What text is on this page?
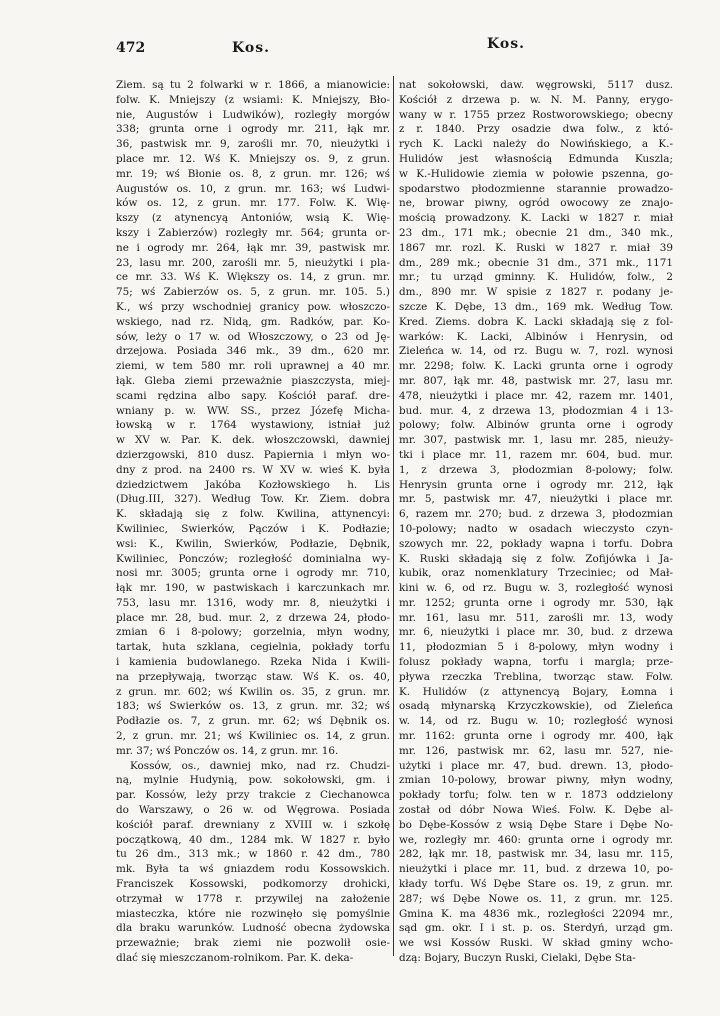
472	Kos.	Kos.
Ziem. są tu 2 folwarki w r. 1866, a mianowicie:
folw. K. Mniejszy (z wsiami: K. Mniejszy, Bło-
nie, Augustów i Ludwików), rozległy morgów
338; grunta orne i ogrody mr. 211, łąk mr.
36, pastwisk mr. 9, zarośli mr. 70, nieużytki i
place mr. 12. Wś K. Mniejszy os. 9, z grun.
mr. 19; wś Błonie os. 8, z grun. mr. 126; wś
Augustów os. 10, z grun. mr. 163; wś Ludwi-
ków os. 12, z grun. mr. 177. Folw. K. Wię-
kszy (z atynencyą Antoniów, wsią K. Wię-
kszy i Zabierzów) rozległy mr. 564; grunta or-
ne i ogrody mr. 264, łąk mr. 39, pastwisk mr.
23, lasu mr. 200, zarośli mr. 5, nieużytki i pla-
ce mr. 33. Wś K. Większy os. 14, z grun. mr.
75; wś Zabierzów os. 5, z grun. mr. 105. 5.)
K., wś przy wschodniej granicy pow. włoszczo-
wskiego, nad rz. Nidą, gm. Radków, par. Ko-
sów, leży o 17 w. od Włoszczowy, o 23 od Ję-
drzejowa. Posiada 346 mk., 39 dm., 620 mr.
ziemi, w tem 580 mr. roli uprawnej a 40 mr.
łąk. Gleba ziemi przeważnie piaszczysta, miej-
scami rędzina albo sapy. Kościół paraf. dre-
wniany p. w. WW. SS., przez Józefę Micha-
łowską w r. 1764 wystawiony, istniał już
w XV w. Par. K. dek. włoszczowski, dawniej
dzierzgowski, 810 dusz. Papiernia i młyn wo-
dny z prod. na 2400 rs. W XV w. wieś K. była
dziedzictwem Jakóba Kozłowskiego h. Lis
(Dług.III, 327). Według Tow. Kr. Ziem. dobra
K. składają się z folw. Kwilina, attynencyi:
Kwiliniec, Swierków, Pączów i K. Podłazie;
wsi: K., Kwilin, Swierków, Podłazie, Dębnik,
Kwiliniec, Ponczów; rozległość dominialna wy-
nosi mr. 3005; grunta orne i ogrody mr. 710,
łąk mr. 190, w pastwiskach i karczunkach mr.
753, lasu mr. 1316, wody mr. 8, nieużytki i
place mr. 28, bud. mur. 2, z drzewa 24, płodo-
zmian 6 i 8-polowy; gorzelnia, młyn wodny,
tartak, huta szklana, cegielnia, pokłady torfu
i kamienia budowlanego. Rzeka Nida i Kwili-
na przepływają, tworząc staw. Wś K. os. 40,
z grun. mr. 602; wś Kwilin os. 35, z grun. mr.
183; wś Swierków os. 13, z grun. mr. 32; wś
Podłazie os. 7, z grun. mr. 62; wś Dębnik os.
2, z grun. mr. 21; wś Kwiliniec os. 14, z grun.
mr. 37; wś Ponczów os. 14, z grun. mr. 16.
Kossów, os., dawniej mko, nad rz. Chudzi-
ną, mylnie Hudynią, pow. sokołowski, gm. i
par. Kossów, leży przy trakcie z Ciechanowca
do Warszawy, o 26 w. od Węgrowa. Posiada
kościół paraf. drewniany z XVIII w. i szkołę
początkową, 40 dm., 1284 mk. W 1827 r. było
tu 26 dm., 313 mk.; w 1860 r. 42 dm., 780
mk. Była ta wś gniazdem rodu Kossowskich.
Franciszek Kossowski, podkomorzy drohicki,
otrzymał w 1778 r. przywilej na założenie
miasteczka, które nie rozwinęło się pomyślnie
dla braku warunków. Ludność obecna żydowska
przeważnie; brak ziemi nie pozwolił osie-
dlać się mieszczanom-rolnikom. Par. K. deka-
nat sokołowski, daw. węgrowski, 5117 dusz.
Kościół z drzewa p. w. N. M. Panny, erygo-
wany w r. 1755 przez Rostworowskiego; obecny
z r. 1840. Przy osadzie dwa folw., z któ-
rych K. Lacki należy do Nowińskiego, a K.-
Hulidów jest własnością Edmunda Kuszla;
w K.-Hulidowie ziemia w połowie pszenna, go-
spodarstwo płodozmienne starannie prowadzo-
ne, browar piwny, ogród owocowy ze znajo-
mością prowadzony. K. Lacki w 1827 r. miał
23 dm., 171 mk.; obecnie 21 dm., 340 mk.,
1867 mr. rozl. K. Ruski w 1827 r. miał 39
dm., 289 mk.; obecnie 31 dm., 371 mk., 1171
mr.; tu urząd gminny. K. Hulidów, folw., 2
dm., 890 mr. W spisie z 1827 r. podany je-
szcze K. Dębe, 13 dm., 169 mk. Według Tow.
Kred. Ziems. dobra K. Lacki składają się z fol-
warków: K. Lacki, Albinów i Henrysin, od
Zieleńca w. 14, od rz. Bugu w. 7, rozl. wynosi
mr. 2298; folw. K. Lacki grunta orne i ogrody
mr. 807, łąk mr. 48, pastwisk mr. 27, lasu mr.
478, nieużytki i place mr. 42, razem mr. 1401,
bud. mur. 4, z drzewa 13, płodozmian 4 i 13-
polowy; folw. Albinów grunta orne i ogrody
mr. 307, pastwisk mr. 1, lasu mr. 285, nieuży-
tki i place mr. 11, razem mr. 604, bud. mur.
1, z drzewa 3, płodozmian 8-polowy; folw.
Henrysin grunta orne i ogrody mr. 212, łąk
mr. 5, pastwisk mr. 47, nieużytki i place mr.
6, razem mr. 270; bud. z drzewa 3, płodozmian
10-polowy; nadto w osadach wieczysto czyn-
szowych mr. 22, pokłady wapna i torfu. Dobra
K. Ruski składają się z folw. Zofijówka i Ja-
kubik, oraz nomenklatury Trzeciniec; od Mał-
kini w. 6, od rz. Bugu w. 3, rozległość wynosi
mr. 1252; grunta orne i ogrody mr. 530, łąk
mr. 161, lasu mr. 511, zarośli mr. 13, wody
mr. 6, nieużytki i place mr. 30, bud. z drzewa
11, płodozmian 5 i 8-polowy, młyn wodny i
folusz pokłady wapna, torfu i margla; prze-
pływa rzeczka Treblina, tworząc staw. Folw.
K. Hulidów (z attynencyą Bojary, Łomna i
osadą młynarską Krzyczkowskie), od Zieleńca
w. 14, od rz. Bugu w. 10; rozległość wynosi
mr. 1162: grunta orne i ogrody mr. 400, łąk
mr. 126, pastwisk mr. 62, lasu mr. 527, nie-
użytki i place mr. 47, bud. drewn. 13, płodo-
zmian 10-polowy, browar piwny, młyn wodny,
pokłady torfu; folw. ten w r. 1873 oddzielony
został od dóbr Nowa Wieś. Folw. K. Dębe al-
bo Dębe-Kossów z wsią Dębe Stare i Dębe No-
we, rozległy mr. 460: grunta orne i ogrody mr.
282, łąk mr. 18, pastwisk mr. 34, lasu mr. 115,
nieużytki i place mr. 11, bud. z drzewa 10, po-
kłady torfu. Wś Dębe Stare os. 19, z grun. mr.
287; wś Dębe Nowe os. 11, z grun. mr. 125.
Gmina K. ma 4836 mk., rozległości 22094 mr.,
sąd gm. okr. I i st. p. os. Sterdyń, urząd gm.
we wsi Kossów Ruski. W skład gminy wcho-
dzą: Bojary, Buczyn Ruski, Cielaki, Dębe Sta-
